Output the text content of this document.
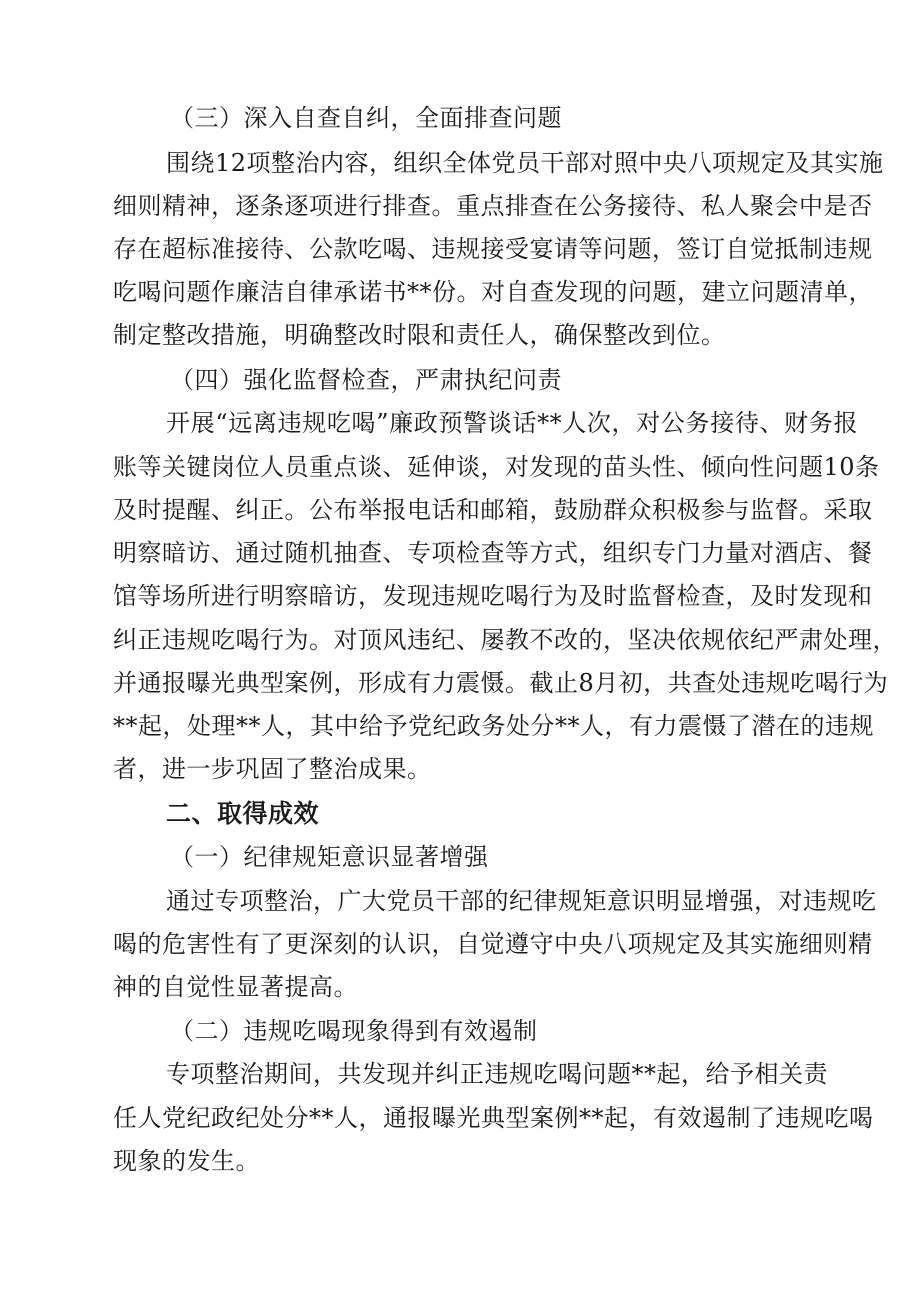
（三）深入自查自纠，全面排查问题
围绕12项整治内容，组织全体党员干部对照中央八项规定及其实施
细则精神，逐条逐项进行排查。重点排查在公务接待、私人聚会中是否
存在超标准接待、公款吃喝、违规接受宴请等问题，签订自觉抵制违规
吃喝问题作廉洁自律承诺书**份。对自查发现的问题，建立问题清单，
制定整改措施，明确整改时限和责任人，确保整改到位。
（四）强化监督检查，严肃执纪问责
开展“远离违规吃喝”廉政预警谈话**人次，对公务接待、财务报
账等关键岗位人员重点谈、延伸谈，对发现的苗头性、倾向性问题10条
及时提醒、纠正。公布举报电话和邮箱，鼓励群众积极参与监督。采取
明察暗访、通过随机抽查、专项检查等方式，组织专门力量对酒店、餐
馆等场所进行明察暗访，发现违规吃喝行为及时监督检查，及时发现和
纠正违规吃喝行为。对顶风违纪、屡教不改的，坚决依规依纪严肃处理，
并通报曝光典型案例，形成有力震慑。截止8月初，共查处违规吃喝行为
**起，处理**人，其中给予党纪政务处分**人，有力震慑了潜在的违规
者，进一步巩固了整治成果。
二、取得成效
（一）纪律规矩意识显著增强
通过专项整治，广大党员干部的纪律规矩意识明显增强，对违规吃
喝的危害性有了更深刻的认识，自觉遵守中央八项规定及其实施细则精
神的自觉性显著提高。
（二）违规吃喝现象得到有效遏制
专项整治期间，共发现并纠正违规吃喝问题**起，给予相关责
任人党纪政纪处分**人，通报曝光典型案例**起，有效遏制了违规吃喝
现象的发生。
